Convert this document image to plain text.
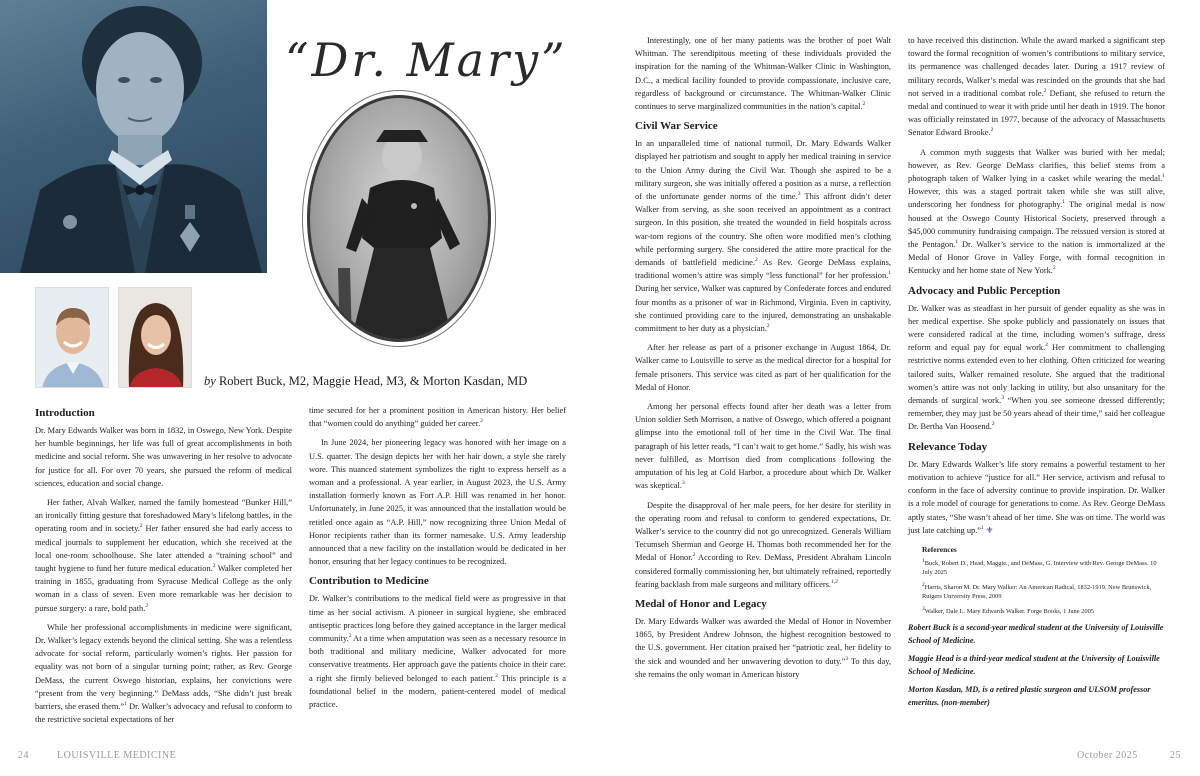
“Dr. Mary”
by Robert Buck, M2, Maggie Head, M3, & Morton Kasdan, MD
Introduction

Dr. Mary Edwards Walker was born in 1832, in Oswego, New York. Despite her humble beginnings, her life was full of great accomplishments in both medicine and social reform. She was unwavering in her resolve to advocate for justice for all. For over 70 years, she pursued the reform of medical sciences, education and social change.

Her father, Alvah Walker, named the family homestead “Bunker Hill,” an ironically fitting gesture that foreshadowed Mary’s lifelong battles, in the operating room and in society.$^2$ Her father ensured she had early access to medical journals to supplement her education, which she received at the local one-room schoolhouse. She later attended a “training school” and taught hygiene to fund her future medical education.$^2$ Walker completed her training in 1855, graduating from Syracuse Medical College as the only woman in a class of seven. Even more remarkable was her decision to pursue surgery: a rare, bold path.$^2$

While her professional accomplishments in medicine were significant, Dr. Walker’s legacy extends beyond the clinical setting. She was a relentless advocate for social reform, particularly women’s rights. Her passion for equality was not born of a singular turning point; rather, as Rev. George DeMass, the current Oswego historian, explains, her convictions were “present from the very beginning.” DeMass adds, “She didn’t just break barriers, she erased them.”$^1$ Dr. Walker’s advocacy and refusal to conform to the restrictive societal expectations of her

time secured for her a prominent position in American history. Her belief that “women could do anything” guided her career.$^2$

In June 2024, her pioneering legacy was honored with her image on a U.S. quarter. The design depicts her with her hair down, a style she rarely wore. This nuanced statement symbolizes the right to express herself as a woman and a professional. A year earlier, in August 2023, the U.S. Army installation formerly known as Fort A.P. Hill was renamed in her honor. Unfortunately, in June 2025, it was announced that the installation would be retitled once again as “A.P. Hill,” now recognizing three Union Medal of Honor recipients rather than its former namesake. U.S. Army leadership announced that a new facility on the installation would be dedicated in her honor, ensuring that her legacy continues to be recognized.

Contribution to Medicine

Dr. Walker’s contributions to the medical field were as progressive in that time as her social activism. A pioneer in surgical hygiene, she embraced antiseptic practices long before they gained acceptance in the larger medical community.$^2$ At a time when amputation was seen as a necessary resource in both traditional and military medicine, Walker advocated for more conservative treatments. Her approach gave the patients choice in their care: a right she firmly believed belonged to each patient.$^2$ This principle is a foundational belief in the modern, patient-centered model of medical practice.

24	LOUISVILLE MEDICINE

Interestingly, one of her many patients was the brother of poet Walt Whitman. The serendipitous meeting of these individuals provided the inspiration for the naming of the Whitman-Walker Clinic in Washington, D.C., a medical facility founded to provide compassionate, inclusive care, regardless of background or circumstance. The Whitman-Walker Clinic continues to serve marginalized communities in the nation’s capital.$^2$

Civil War Service

In an unparalleled time of national turmoil, Dr. Mary Edwards Walker displayed her patriotism and sought to apply her medical training in service to the Union Army during the Civil War. Though she aspired to be a military surgeon, she was initially offered a position as a nurse, a reflection of the unfortunate gender norms of the time.$^3$ This affront didn’t deter Walker from serving, as she soon received an appointment as a contract surgeon. In this position, she treated the wounded in field hospitals across war-torn regions of the country. She often wore modified men’s clothing while performing surgery. She considered the attire more practical for the demands of battlefield medicine.$^2$ As Rev. George DeMass explains, traditional women’s attire was simply “less functional” for her profession.$^1$ During her service, Walker was captured by Confederate forces and endured four months as a prisoner of war in Richmond, Virginia. Even in captivity, she continued providing care to the injured, demonstrating an unshakable commitment to her duty as a physician.$^2$

After her release as part of a prisoner exchange in August 1864, Dr. Walker came to Louisville to serve as the medical director for a hospital for female prisoners. This service was cited as part of her qualification for the Medal of Honor.

Among her personal effects found after her death was a letter from Union soldier Seth Morrison, a native of Oswego, which offered a poignant glimpse into the emotional toll of her time in the Civil War. The final paragraph of his letter reads, “I can’t wait to get home.” Sadly, his wish was never fulfilled, as Morrison died from complications following the amputation of his leg at Cold Harbor, a procedure about which Dr. Walker was skeptical.$^3$

Despite the disapproval of her male peers, for her desire for sterility in the operating room and refusal to conform to gendered expectations, Dr. Walker’s service to the country did not go unrecognized. Generals William Tecumseh Sherman and George H. Thomas both recommended her for the Medal of Honor.$^2$ According to Rev. DeMass, President Abraham Lincoln considered formally commissioning her, but ultimately refrained, reportedly fearing backlash from male surgeons and military officers.$^{1,2}$

Medal of Honor and Legacy

Dr. Mary Edwards Walker was awarded the Medal of Honor in November 1865, by President Andrew Johnson, the highest recognition bestowed to the U.S. government. Her citation praised her “patriotic zeal, her fidelity to the sick and wounded and her unwavering devotion to duty.”$^3$ To this day, she remains the only woman in American history

to have received this distinction. While the award marked a significant step toward the formal recognition of women’s contributions to military service, its permanence was challenged decades later. During a 1917 review of military records, Walker’s medal was rescinded on the grounds that she had not served in a traditional combat role.$^2$ Defiant, she refused to return the medal and continued to wear it with pride until her death in 1919. The honor was officially reinstated in 1977, because of the advocacy of Massachusetts Senator Edward Brooke.$^2$

A common myth suggests that Walker was buried with her medal; however, as Rev. George DeMass clarifies, this belief stems from a photograph taken of Walker lying in a casket while wearing the medal.$^1$ However, this was a staged portrait taken while she was still alive, underscoring her fondness for photography.$^1$ The original medal is now housed at the Oswego County Historical Society, preserved through a $45,000 community fundraising campaign. The reissued version is stored at the Pentagon.$^1$ Dr. Walker’s service to the nation is immortalized at the Medal of Honor Grove in Valley Forge, with formal recognition in Kentucky and her home state of New York.$^2$

Advocacy and Public Perception

Dr. Walker was as steadfast in her pursuit of gender equality as she was in her medical expertise. She spoke publicly and passionately on issues that were considered radical at the time, including women’s suffrage, dress reform and equal pay for equal work.$^2$ Her commitment to challenging restrictive norms extended even to her clothing. Often criticized for wearing tailored suits, Walker remained resolute. She argued that the traditional women’s attire was not only lacking in utility, but also unsanitary for the demands of surgical work.$^3$ “When you see someone dressed differently; remember, they may just be 50 years ahead of their time,” said her colleague Dr. Bertha Van Hoosend.$^2$

Relevance Today

Dr. Mary Edwards Walker’s life story remains a powerful testament to her motivation to achieve “justice for all.” Her service, activism and refusal to conform in the face of adversity continue to provide inspiration. Dr. Walker is a role model of courage for generations to come. As Rev. George DeMass aptly states, “She wasn’t ahead of her time. She was on time. The world was just late catching up.”$^1$ ⚜

References

$^1$Buck, Robert D., Head, Maggie., and DeMass, G. Interview with Rev. George DeMass. 10 July 2025

$^2$Harris, Sharon M. Dr. Mary Walker: An American Radical, 1832-1919. New Brunswick, Rutgers University Press, 2009

$^3$Walker, Dale L. Mary Edwards Walker. Forge Books, 1 June 2005

Robert Buck is a second-year medical student at the University of Louisville School of Medicine.

Maggie Head is a third-year medical student at the University of Louisville School of Medicine.

Morton Kasdan, MD, is a retired plastic surgeon and ULSOM professor emeritus. (non-member)

October 2025	25
